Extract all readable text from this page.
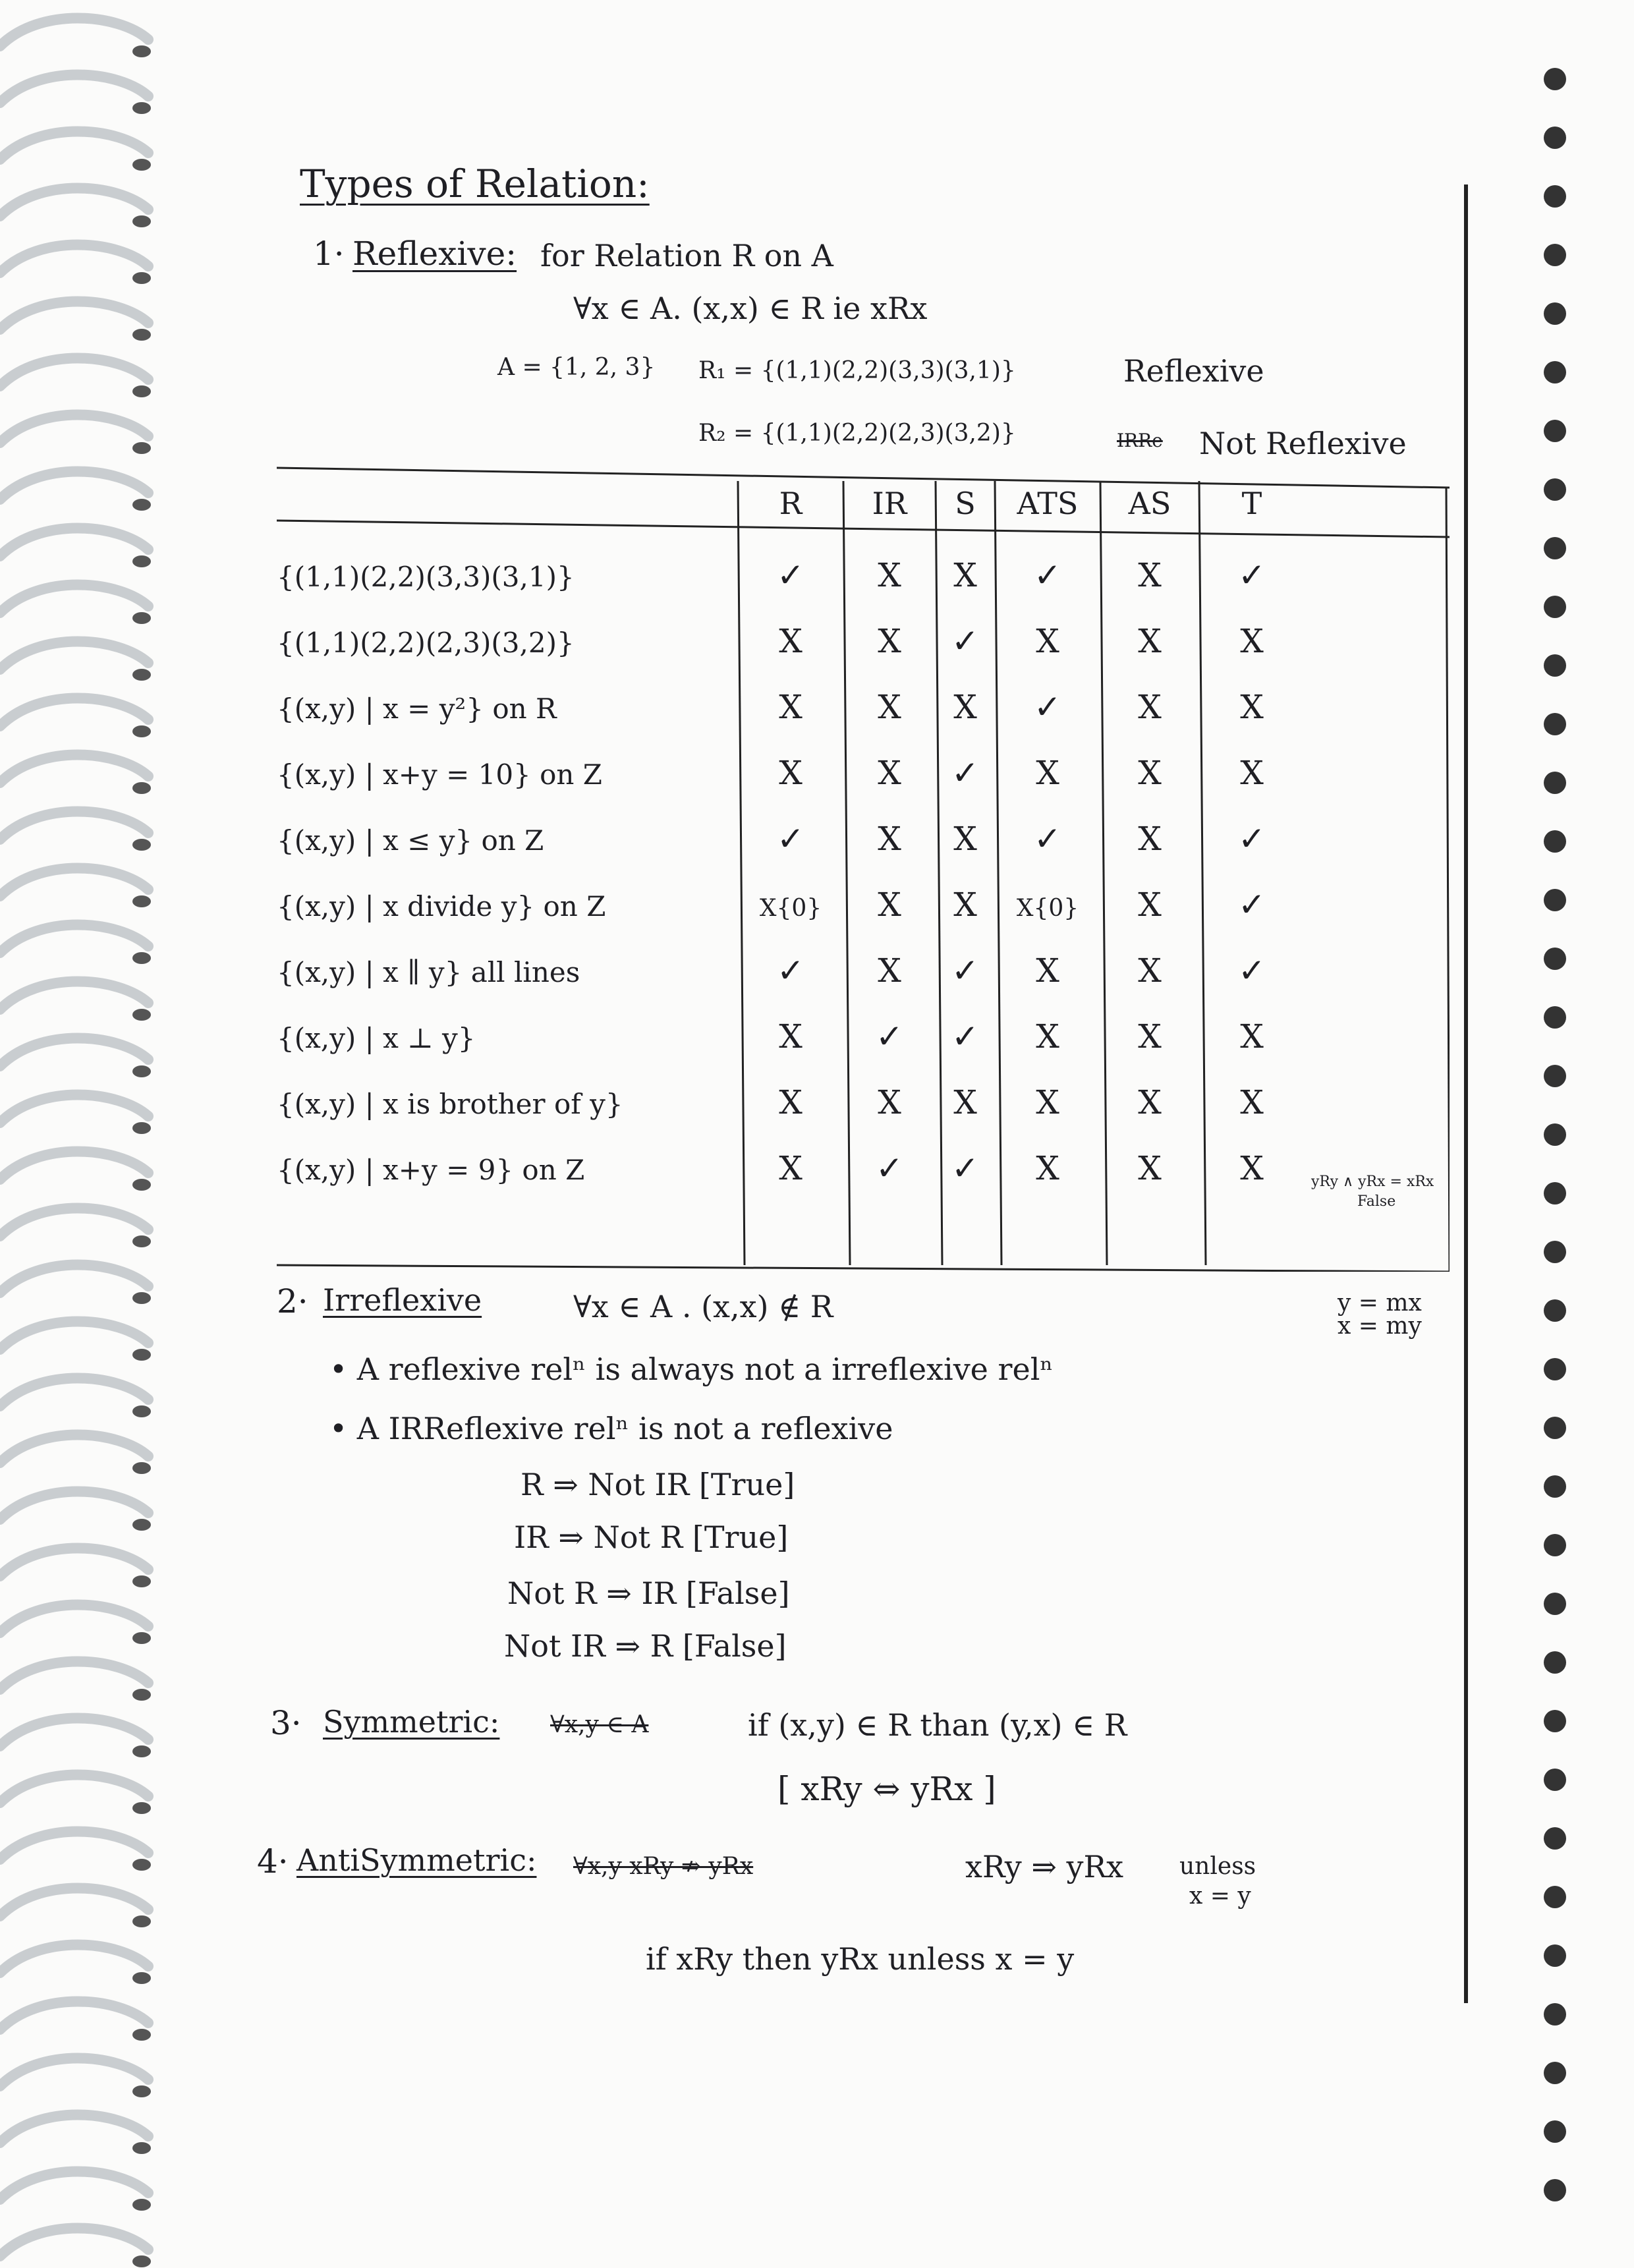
Types of Relation:
1· Reflexive: for Relation R on A
∀x ∈ A. (x,x) ∈ R ie xRx
A = {1, 2, 3} R₁ = {(1,1)(2,2)(3,3)(3,1)}	Reflexive
R₂ = {(1,1)(2,2)(2,3)(3,2)}	IRRe Not Reflexive
R IR S ATS AS T
{(1,1)(2,2)(3,3)(3,1)}	✓ X X ✓ X ✓
{(1,1)(2,2)(2,3)(3,2)}	X X ✓ X X X
{(x,y) | x = y²} on R	X X X ✓ X X
{(x,y) | x+y = 10} on Z	X X ✓ X X X
{(x,y) | x ≤ y} on Z	✓ X X ✓ X ✓
{(x,y) | x divide y} on Z	X{0} X X X{0} X ✓
{(x,y) | x ∥ y} all lines	✓ X ✓ X X ✓
{(x,y) | x ⊥ y}	X ✓ ✓ X X X
{(x,y) | x is brother of y}	X X X X X X
{(x,y) | x+y = 9} on Z	X ✓ ✓ X X X	yRy ∧ yRx = xRx
False
2· Irreflexive	∀x ∈ A . (x,x) ∉ R	y = mx
x = my
• A reflexive relⁿ is always not a irreflexive relⁿ
• A IRReflexive relⁿ is not a reflexive
R ⇒ Not IR [True]
IR ⇒ Not R [True]
Not R ⇒ IR [False]
Not IR ⇒ R [False]
3· Symmetric: ∀x,y ∈ A	if (x,y) ∈ R than (y,x) ∈ R
[ xRy ⇔ yRx ]
4· AntiSymmetric: ∀x,y xRy ⇏ yRx	xRy ⇒ yRx unless
x = y
if xRy then yRx unless x = y
